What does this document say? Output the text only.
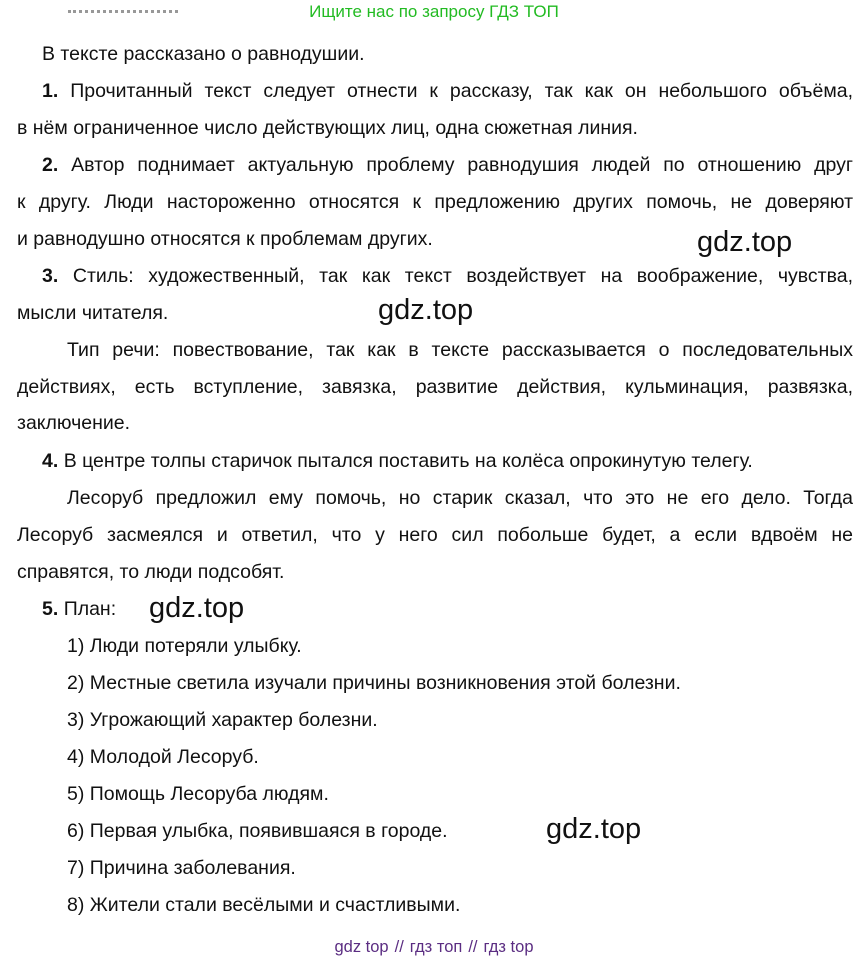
Ищите нас по запросу ГДЗ ТОП
В тексте рассказано о равнодушии.
1. Прочитанный текст следует отнести к рассказу, так как он небольшого объёма,
в нём ограниченное число действующих лиц, одна сюжетная линия.
2. Автор поднимает актуальную проблему равнодушия людей по отношению друг
к другу. Люди настороженно относятся к предложению других помочь, не доверяют
и равнодушно относятся к проблемам других.
3. Стиль: художественный, так как текст воздействует на воображение, чувства,
мысли читателя.
Тип речи: повествование, так как в тексте рассказывается о последовательных
действиях, есть вступление, завязка, развитие действия, кульминация, развязка,
заключение.
4. В центре толпы старичок пытался поставить на колёса опрокинутую телегу.
Лесоруб предложил ему помочь, но старик сказал, что это не его дело. Тогда
Лесоруб засмеялся и ответил, что у него сил побольше будет, а если вдвоём не
справятся, то люди подсобят.
5. План:
1) Люди потеряли улыбку.
2) Местные светила изучали причины возникновения этой болезни.
3) Угрожающий характер болезни.
4) Молодой Лесоруб.
5) Помощь Лесоруба людям.
6) Первая улыбка, появившаяся в городе.
7) Причина заболевания.
8) Жители стали весёлыми и счастливыми.
gdz.top
gdz.top
gdz.top
gdz.top
gdz top // гдз топ // гдз top
